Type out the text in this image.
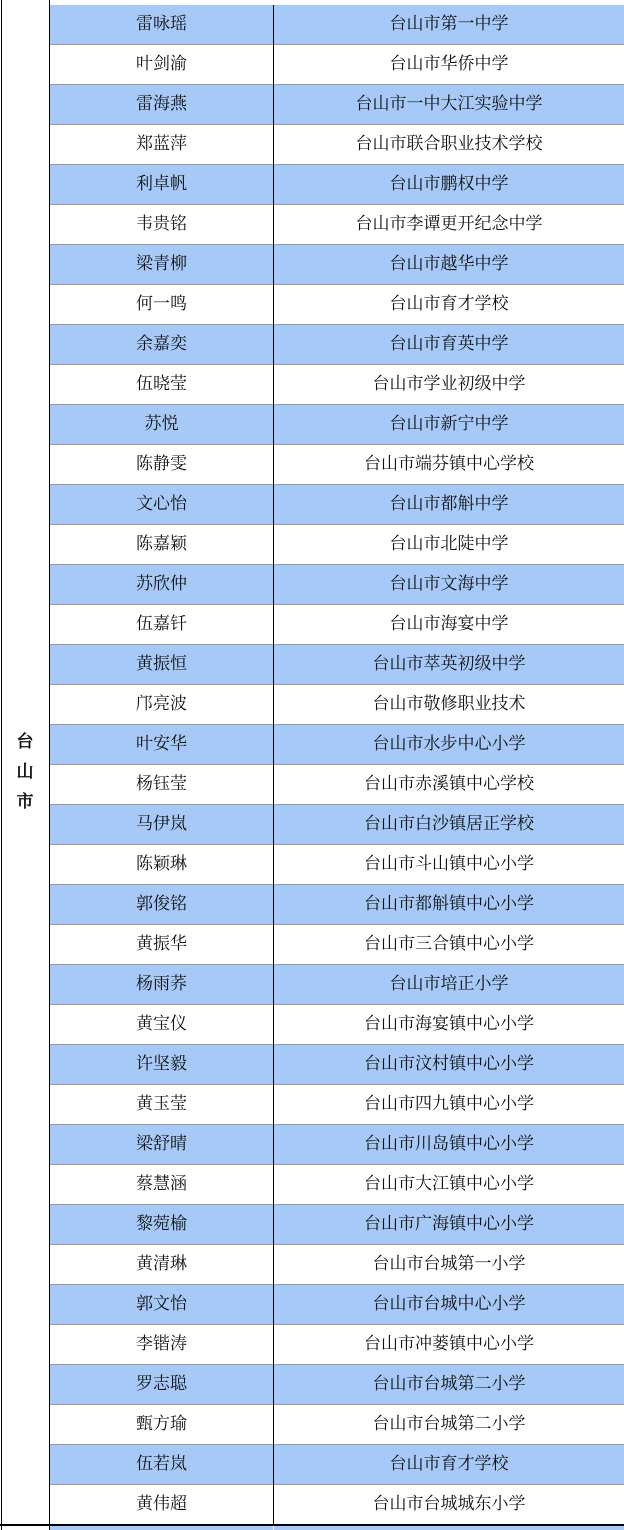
台
山
市
雷咏瑶	台山市第一中学
叶剑渝	台山市华侨中学
雷海燕	台山市一中大江实验中学
郑蓝萍	台山市联合职业技术学校
利卓帆	台山市鹏权中学
韦贵铭	台山市李谭更开纪念中学
梁青柳	台山市越华中学
何一鸣	台山市育才学校
余嘉奕	台山市育英中学
伍晓莹	台山市学业初级中学
苏悦	台山市新宁中学
陈静雯	台山市端芬镇中心学校
文心怡	台山市都斛中学
陈嘉颖	台山市北陡中学
苏欣仲	台山市文海中学
伍嘉钎	台山市海宴中学
黄振恒	台山市萃英初级中学
邝亮波	台山市敬修职业技术
叶安华	台山市水步中心小学
杨钰莹	台山市赤溪镇中心学校
马伊岚	台山市白沙镇居正学校
陈颖琳	台山市斗山镇中心小学
郭俊铭	台山市都斛镇中心小学
黄振华	台山市三合镇中心小学
杨雨荞	台山市培正小学
黄宝仪	台山市海宴镇中心小学
许坚毅	台山市汶村镇中心小学
黄玉莹	台山市四九镇中心小学
梁舒晴	台山市川岛镇中心小学
蔡慧涵	台山市大江镇中心小学
黎菀榆	台山市广海镇中心小学
黄清琳	台山市台城第一小学
郭文怡	台山市台城中心小学
李锴涛	台山市冲蒌镇中心小学
罗志聪	台山市台城第二小学
甄方瑜	台山市台城第二小学
伍若岚	台山市育才学校
黄伟超	台山市台城城东小学
